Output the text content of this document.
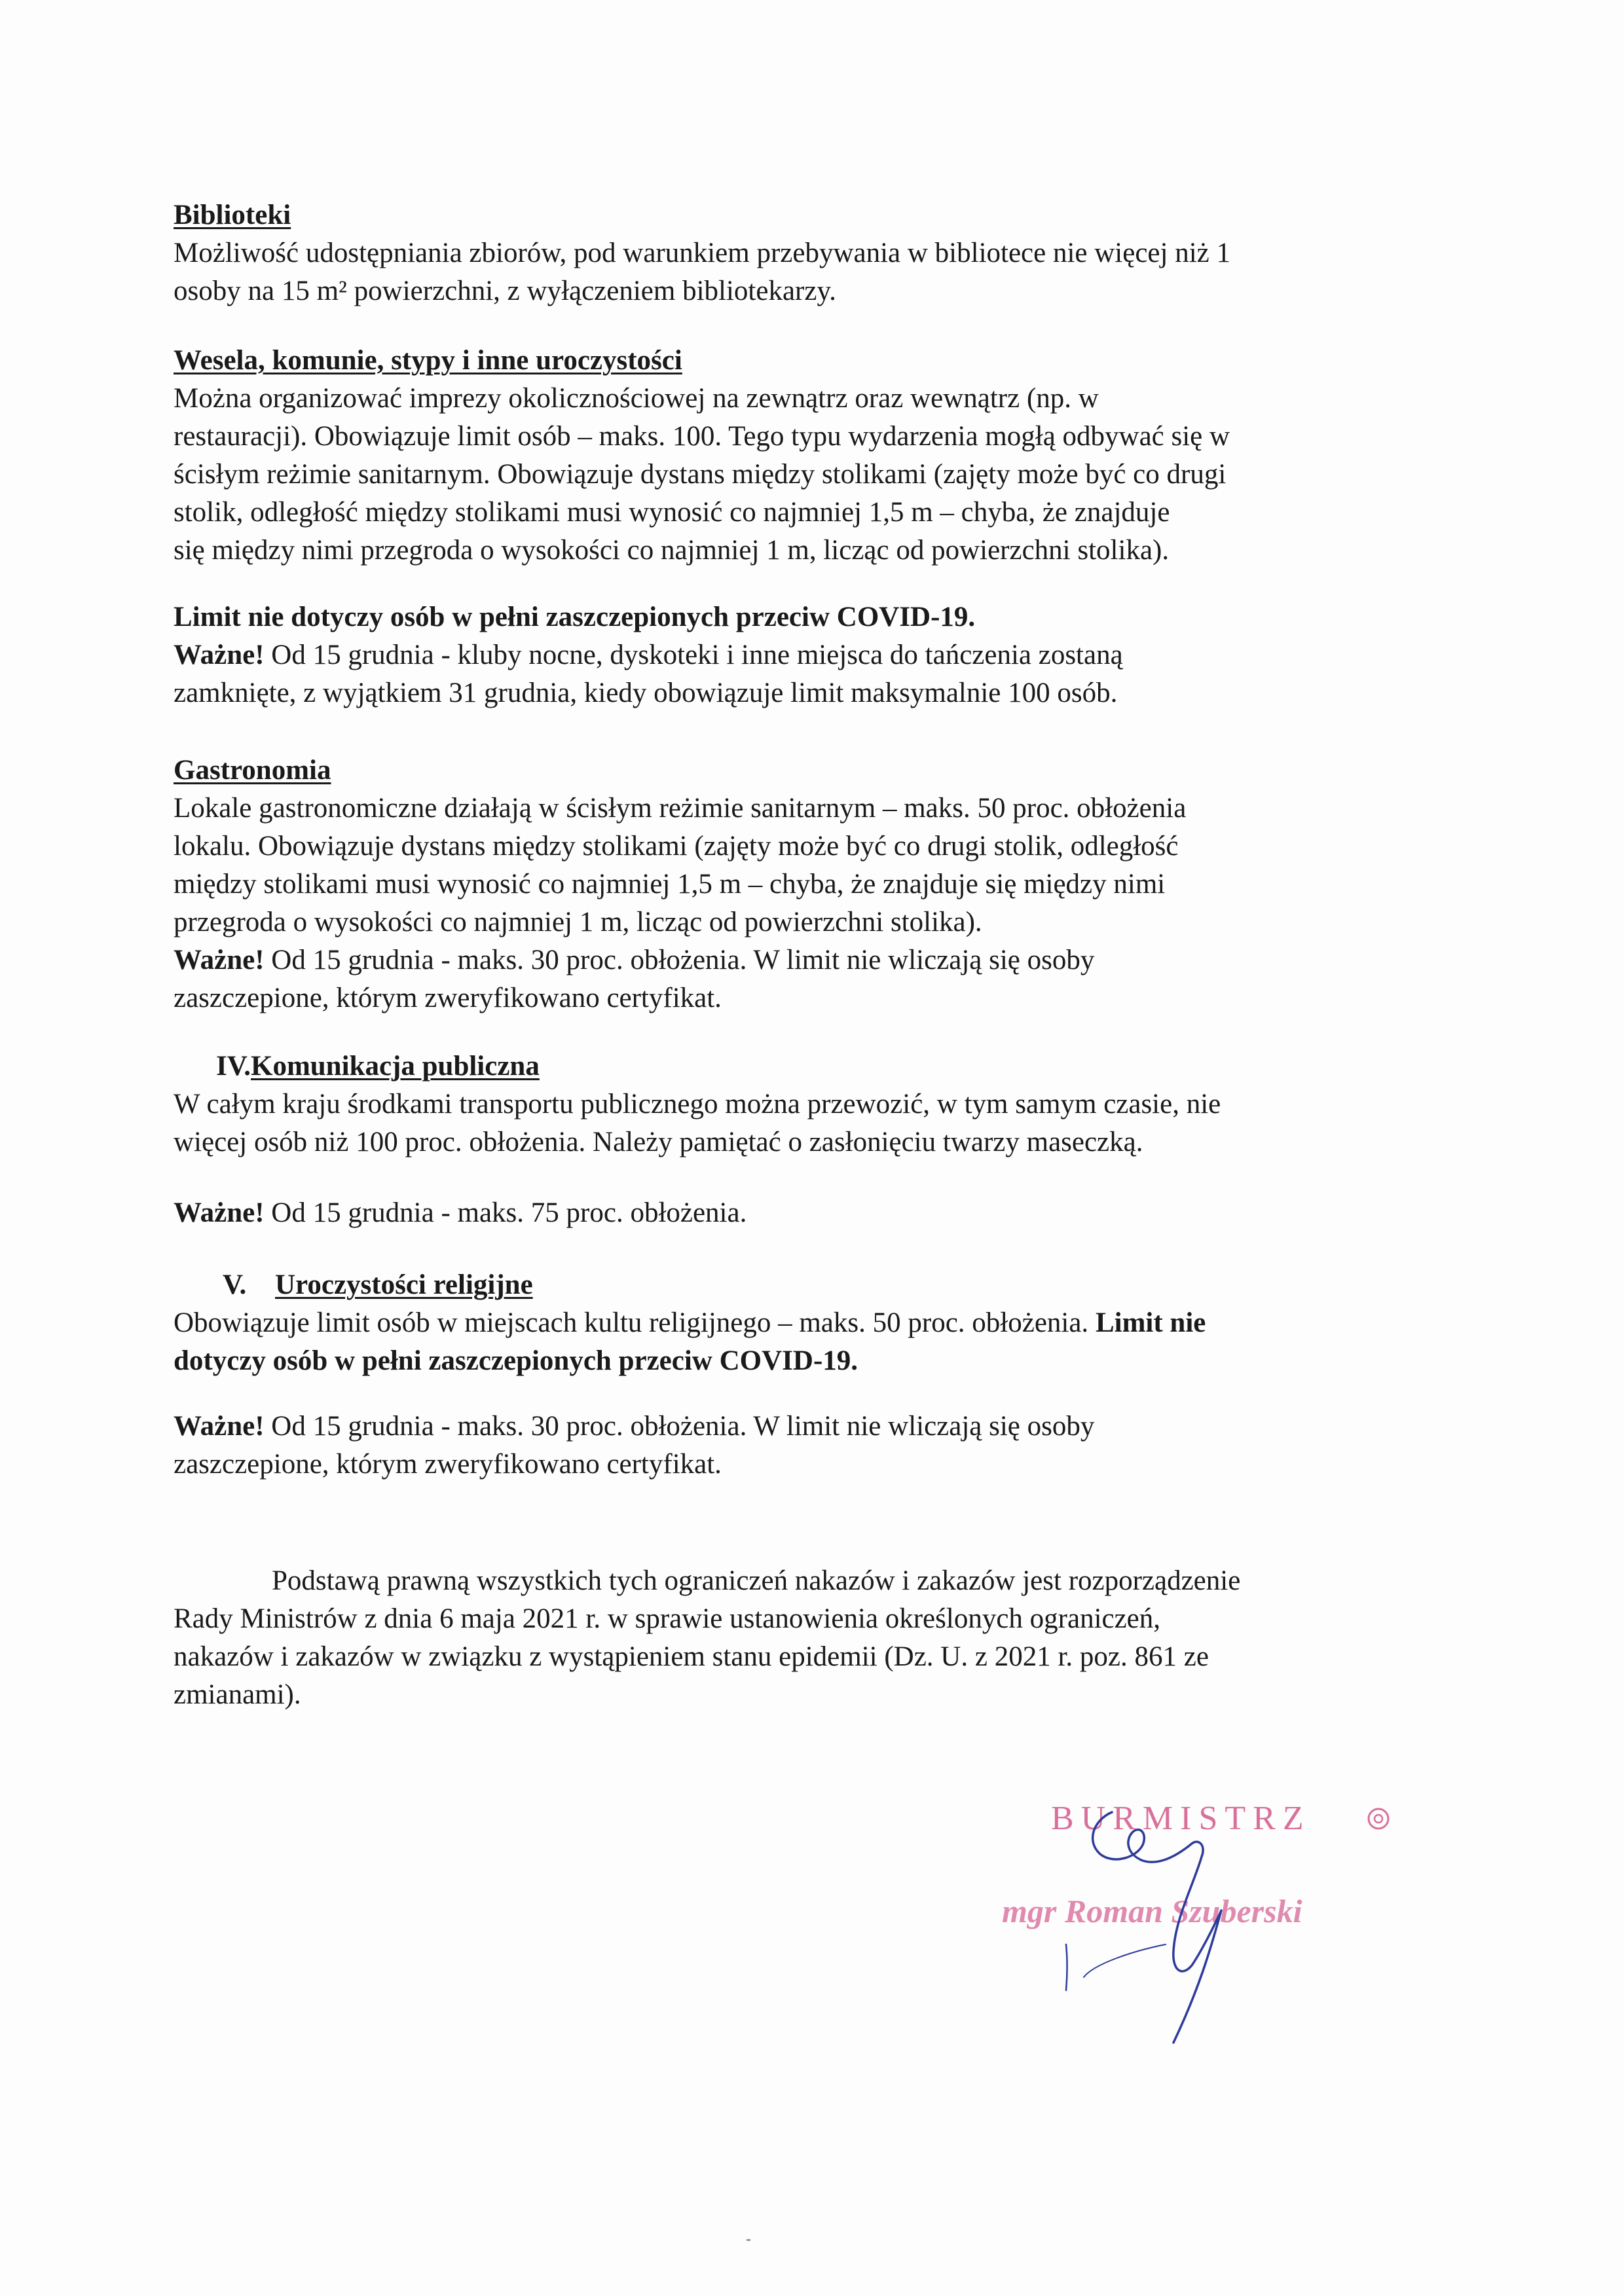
Biblioteki
Możliwość udostępniania zbiorów, pod warunkiem przebywania w bibliotece nie więcej niż 1
osoby na 15 m² powierzchni, z wyłączeniem bibliotekarzy.
Wesela, komunie, stypy i inne uroczystości
Można organizować imprezy okolicznościowej na zewnątrz oraz wewnątrz (np. w
restauracji). Obowiązuje limit osób – maks. 100. Tego typu wydarzenia mogłą odbywać się w
ścisłym reżimie sanitarnym. Obowiązuje dystans między stolikami (zajęty może być co drugi
stolik, odległość między stolikami musi wynosić co najmniej 1,5 m – chyba, że znajduje
się między nimi przegroda o wysokości co najmniej 1 m, licząc od powierzchni stolika).
Limit nie dotyczy osób w pełni zaszczepionych przeciw COVID-19.
Ważne! Od 15 grudnia - kluby nocne, dyskoteki i inne miejsca do tańczenia zostaną
zamknięte, z wyjątkiem 31 grudnia, kiedy obowiązuje limit maksymalnie 100 osób.
Gastronomia
Lokale gastronomiczne działają w ścisłym reżimie sanitarnym – maks. 50 proc. obłożenia
lokalu. Obowiązuje dystans między stolikami (zajęty może być co drugi stolik, odległość
między stolikami musi wynosić co najmniej 1,5 m – chyba, że znajduje się między nimi
przegroda o wysokości co najmniej 1 m, licząc od powierzchni stolika).
Ważne! Od 15 grudnia - maks. 30 proc. obłożenia. W limit nie wliczają się osoby
zaszczepione, którym zweryfikowano certyfikat.
IV.Komunikacja publiczna
W całym kraju środkami transportu publicznego można przewozić, w tym samym czasie, nie
więcej osób niż 100 proc. obłożenia. Należy pamiętać o zasłonięciu twarzy maseczką.
Ważne! Od 15 grudnia - maks. 75 proc. obłożenia.
V. Uroczystości religijne
Obowiązuje limit osób w miejscach kultu religijnego – maks. 50 proc. obłożenia. Limit nie
dotyczy osób w pełni zaszczepionych przeciw COVID-19.
Ważne! Od 15 grudnia - maks. 30 proc. obłożenia. W limit nie wliczają się osoby
zaszczepione, którym zweryfikowano certyfikat.
Podstawą prawną wszystkich tych ograniczeń nakazów i zakazów jest rozporządzenie
Rady Ministrów z dnia 6 maja 2021 r. w sprawie ustanowienia określonych ograniczeń,
nakazów i zakazów w związku z wystąpieniem stanu epidemii (Dz. U. z 2021 r. poz. 861 ze
zmianami).
BURMISTRZ
mgr Roman Szuberski
